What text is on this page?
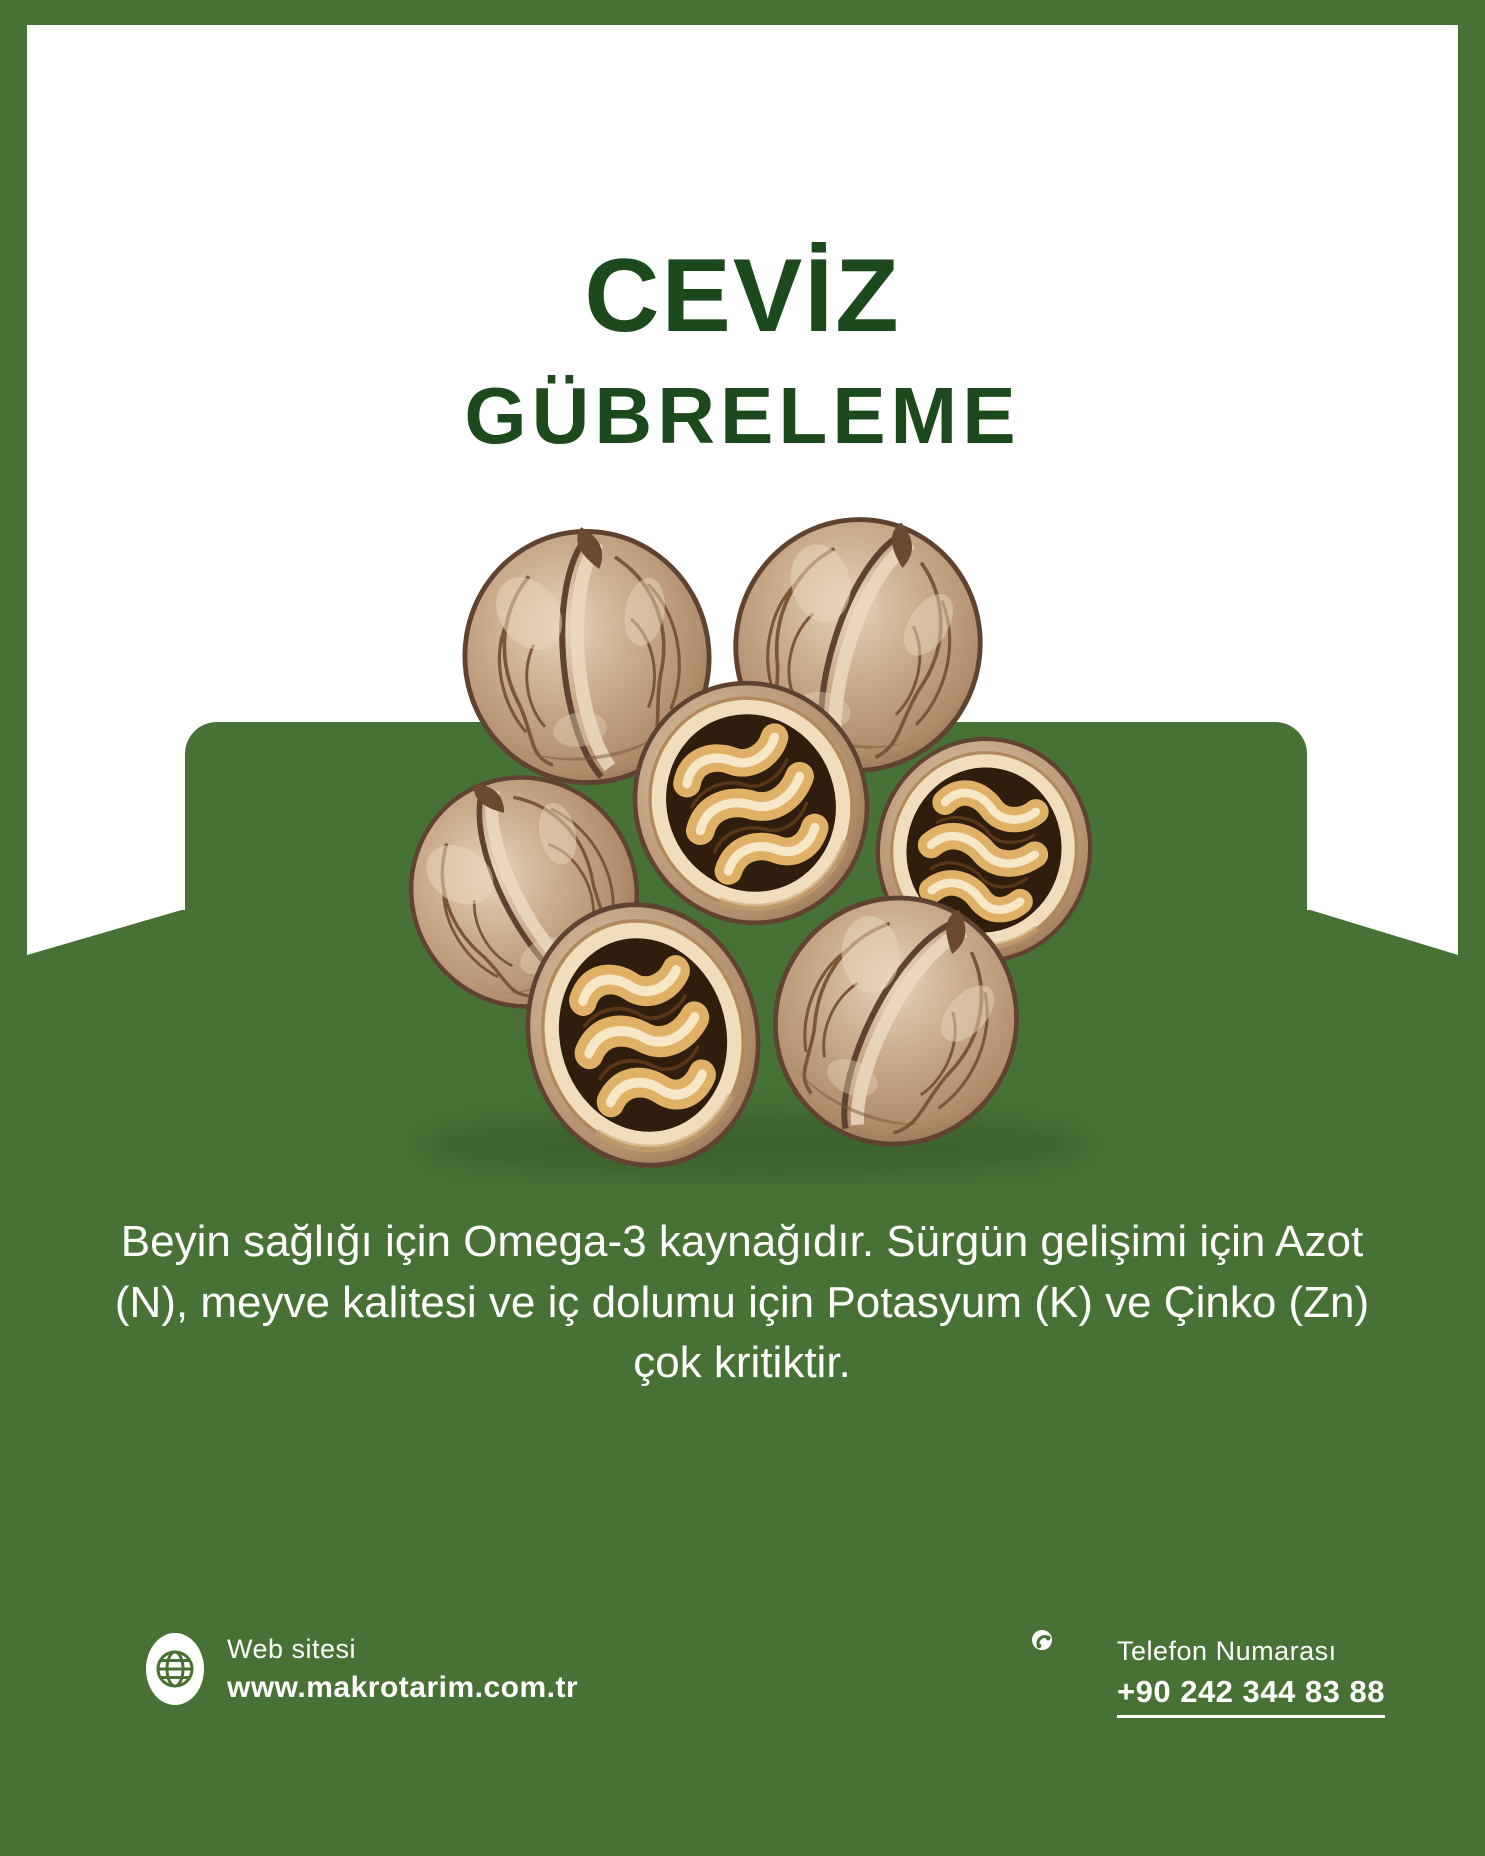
CEVİZ
GÜBRELEME
Beyin sağlığı için Omega-3 kaynağıdır. Sürgün gelişimi için Azot (N), meyve kalitesi ve iç dolumu için Potasyum (K) ve Çinko (Zn) çok kritiktir.
Web sitesi
www.makrotarim.com.tr
Telefon Numarası
+90 242 344 83 88
